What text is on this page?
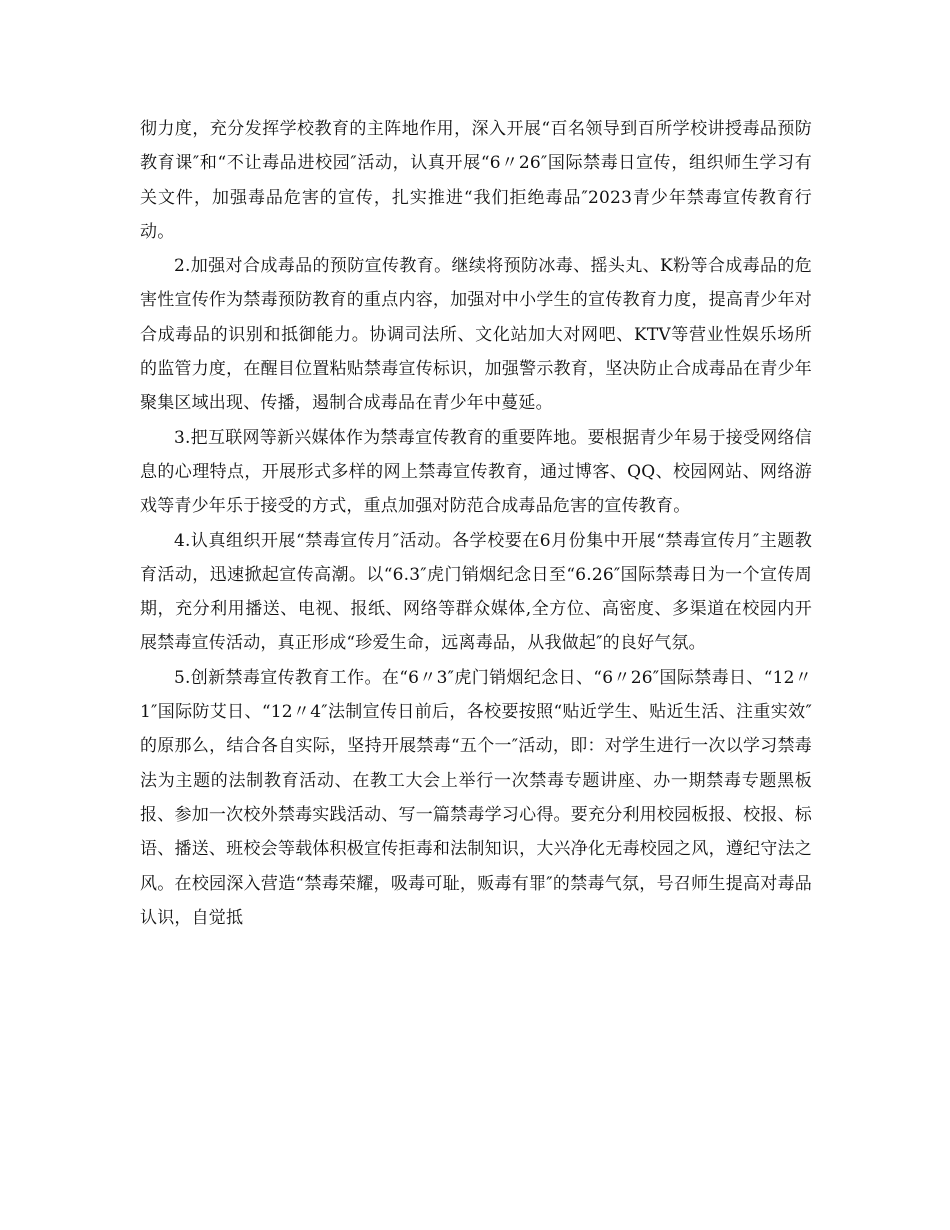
彻力度，充分发挥学校教育的主阵地作用，深入开展“百名领导到百所学校讲授毒品预防教育课″和“不让毒品进校园″活动，认真开展“6〃26″国际禁毒日宣传，组织师生学习有关文件，加强毒品危害的宣传，扎实推进“我们拒绝毒品″2023青少年禁毒宣传教育行动。

2.加强对合成毒品的预防宣传教育。继续将预防冰毒、摇头丸、K粉等合成毒品的危害性宣传作为禁毒预防教育的重点内容，加强对中小学生的宣传教育力度，提高青少年对合成毒品的识别和抵御能力。协调司法所、文化站加大对网吧、KTV等营业性娱乐场所的监管力度，在醒目位置粘贴禁毒宣传标识，加强警示教育，坚决防止合成毒品在青少年聚集区域出现、传播，遏制合成毒品在青少年中蔓延。

3.把互联网等新兴媒体作为禁毒宣传教育的重要阵地。要根据青少年易于接受网络信息的心理特点，开展形式多样的网上禁毒宣传教育，通过博客、QQ、校园网站、网络游戏等青少年乐于接受的方式，重点加强对防范合成毒品危害的宣传教育。

4.认真组织开展“禁毒宣传月″活动。各学校要在6月份集中开展“禁毒宣传月″主题教育活动，迅速掀起宣传高潮。以“6.3″虎门销烟纪念日至“6.26″国际禁毒日为一个宣传周期，充分利用播送、电视、报纸、网络等群众媒体,全方位、高密度、多渠道在校园内开展禁毒宣传活动，真正形成“珍爱生命，远离毒品，从我做起″的良好气氛。

5.创新禁毒宣传教育工作。在“6〃3″虎门销烟纪念日、“6〃26″国际禁毒日、“12〃1″国际防艾日、“12〃4″法制宣传日前后，各校要按照“贴近学生、贴近生活、注重实效″的原那么，结合各自实际，坚持开展禁毒“五个一″活动，即：对学生进行一次以学习禁毒法为主题的法制教育活动、在教工大会上举行一次禁毒专题讲座、办一期禁毒专题黑板报、参加一次校外禁毒实践活动、写一篇禁毒学习心得。要充分利用校园板报、校报、标语、播送、班校会等载体积极宣传拒毒和法制知识，大兴净化无毒校园之风，遵纪守法之风。在校园深入营造“禁毒荣耀，吸毒可耻，贩毒有罪″的禁毒气氛，号召师生提高对毒品认识，自觉抵
